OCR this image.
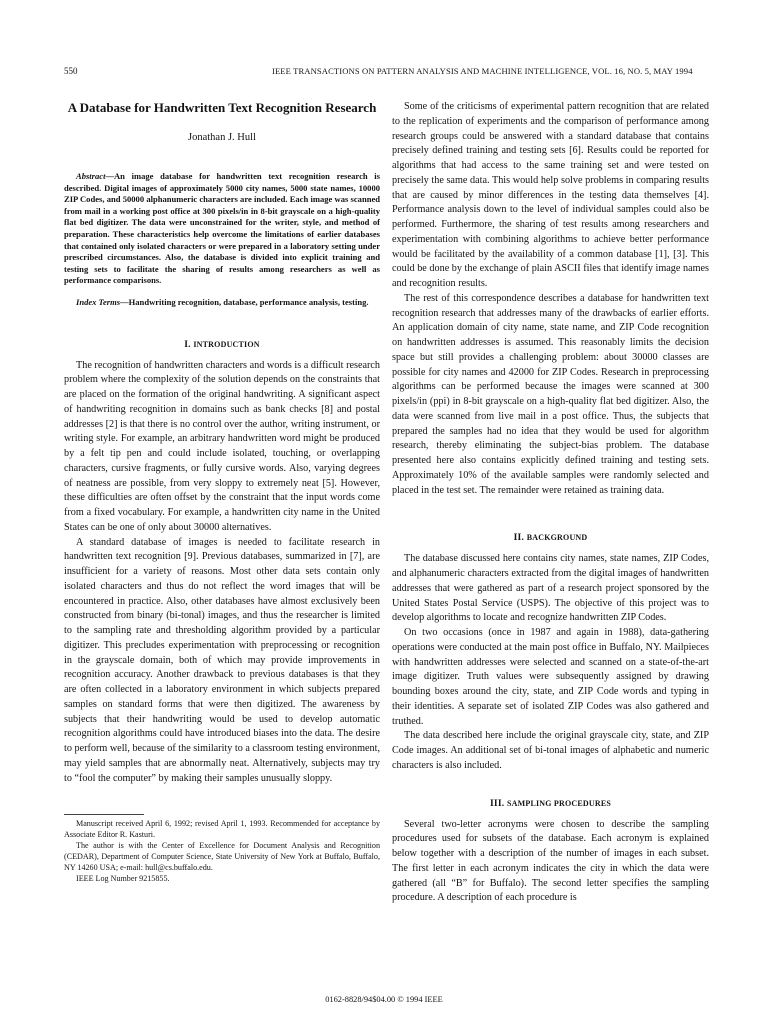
550	IEEE TRANSACTIONS ON PATTERN ANALYSIS AND MACHINE INTELLIGENCE, VOL. 16, NO. 5, MAY 1994
A Database for Handwritten Text Recognition Research
Jonathan J. Hull

Abstract—An image database for handwritten text recognition research is described. Digital images of approximately 5000 city names, 5000 state names, 10000 ZIP Codes, and 50000 alphanumeric characters are included. Each image was scanned from mail in a working post office at 300 pixels/in in 8-bit grayscale on a high-quality flat bed digitizer. The data were unconstrained for the writer, style, and method of preparation. These characteristics help overcome the limitations of earlier databases that contained only isolated characters or were prepared in a laboratory setting under prescribed circumstances. Also, the database is divided into explicit training and testing sets to facilitate the sharing of results among researchers as well as performance comparisons.

Index Terms—Handwriting recognition, database, performance analysis, testing.

I. INTRODUCTION

The recognition of handwritten characters and words is a difficult research problem where the complexity of the solution depends on the constraints that are placed on the formation of the original handwriting. A significant aspect of handwriting recognition in domains such as bank checks [8] and postal addresses [2] is that there is no control over the author, writing instrument, or writing style. For example, an arbitrary handwritten word might be produced by a felt tip pen and could include isolated, touching, or overlapping characters, cursive fragments, or fully cursive words. Also, varying degrees of neatness are possible, from very sloppy to extremely neat [5]. However, these difficulties are often offset by the constraint that the input words come from a fixed vocabulary. For example, a handwritten city name in the United States can be one of only about 30000 alternatives.

A standard database of images is needed to facilitate research in handwritten text recognition [9]. Previous databases, summarized in [7], are insufficient for a variety of reasons. Most other data sets contain only isolated characters and thus do not reflect the word images that will be encountered in practice. Also, other databases have almost exclusively been constructed from binary (bi-tonal) images, and thus the researcher is limited to the sampling rate and thresholding algorithm provided by a particular digitizer. This precludes experimentation with preprocessing or recognition in the grayscale domain, both of which may provide improvements in recognition accuracy. Another drawback to previous databases is that they are often collected in a laboratory environment in which subjects prepared samples on standard forms that were then digitized. The awareness by subjects that their handwriting would be used to develop automatic recognition algorithms could have introduced biases into the data. The desire to perform well, because of the similarity to a classroom testing environment, may yield samples that are abnormally neat. Alternatively, subjects may try to “fool the computer” by making their samples unusually sloppy.

Manuscript received April 6, 1992; revised April 1, 1993. Recommended for acceptance by Associate Editor R. Kasturi.

The author is with the Center of Excellence for Document Analysis and Recognition (CEDAR), Department of Computer Science, State University of New York at Buffalo, Buffalo, NY 14260 USA; e-mail: hull@cs.buffalo.edu.

IEEE Log Number 9215855.

Some of the criticisms of experimental pattern recognition that are related to the replication of experiments and the comparison of performance among research groups could be answered with a standard database that contains precisely defined training and testing sets [6]. Results could be reported for algorithms that had access to the same training set and were tested on precisely the same data. This would help solve problems in comparing results that are caused by minor differences in the testing data themselves [4]. Performance analysis down to the level of individual samples could also be performed. Furthermore, the sharing of test results among researchers and experimentation with combining algorithms to achieve better performance would be facilitated by the availability of a common database [1], [3]. This could be done by the exchange of plain ASCII files that identify image names and recognition results.

The rest of this correspondence describes a database for handwritten text recognition research that addresses many of the drawbacks of earlier efforts. An application domain of city name, state name, and ZIP Code recognition on handwritten addresses is assumed. This reasonably limits the decision space but still provides a challenging problem: about 30000 classes are possible for city names and 42000 for ZIP Codes. Research in preprocessing algorithms can be performed because the images were scanned at 300 pixels/in (ppi) in 8-bit grayscale on a high-quality flat bed digitizer. Also, the data were scanned from live mail in a post office. Thus, the subjects that prepared the samples had no idea that they would be used for algorithm research, thereby eliminating the subject-bias problem. The database presented here also contains explicitly defined training and testing sets. Approximately 10% of the available samples were randomly selected and placed in the test set. The remainder were retained as training data.

II. BACKGROUND

The database discussed here contains city names, state names, ZIP Codes, and alphanumeric characters extracted from the digital images of handwritten addresses that were gathered as part of a research project sponsored by the United States Postal Service (USPS). The objective of this project was to develop algorithms to locate and recognize handwritten ZIP Codes.

On two occasions (once in 1987 and again in 1988), data-gathering operations were conducted at the main post office in Buffalo, NY. Mailpieces with handwritten addresses were selected and scanned on a state-of-the-art image digitizer. Truth values were subsequently assigned by drawing bounding boxes around the city, state, and ZIP Code words and typing in their identities. A separate set of isolated ZIP Codes was also gathered and truthed.

The data described here include the original grayscale city, state, and ZIP Code images. An additional set of bi-tonal images of alphabetic and numeric characters is also included.

III. SAMPLING PROCEDURES

Several two-letter acronyms were chosen to describe the sampling procedures used for subsets of the database. Each acronym is explained below together with a description of the number of images in each subset. The first letter in each acronym indicates the city in which the data were gathered (all “B” for Buffalo). The second letter specifies the sampling procedure. A description of each procedure is

0162-8828/94$04.00 © 1994 IEEE
